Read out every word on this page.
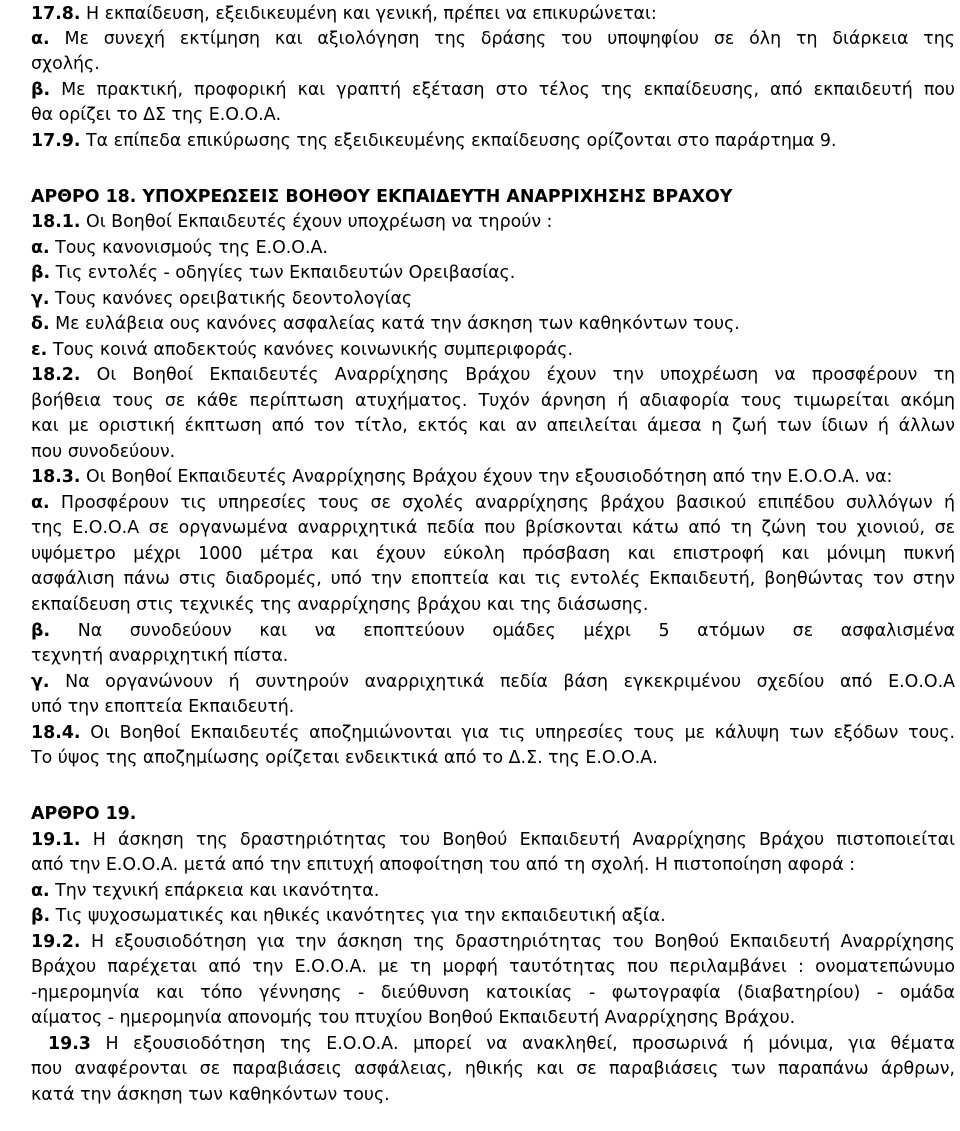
17.8. Η εκπαίδευση, εξειδικευμένη και γενική, πρέπει να επικυρώνεται:
α. Με συνεχή εκτίμηση και αξιολόγηση της δράσης του υποψηφίου σε όλη τη διάρκεια της
σχολής.
β. Με πρακτική, προφορική και γραπτή εξέταση στο τέλος της εκπαίδευσης, από εκπαιδευτή που
θα ορίζει το ΔΣ της Ε.Ο.Ο.Α.
17.9. Τα επίπεδα επικύρωσης της εξειδικευμένης εκπαίδευσης ορίζονται στο παράρτημα 9.
ΑΡΘΡΟ 18. ΥΠΟΧΡΕΩΣΕΙΣ ΒΟΗΘΟΥ ΕΚΠΑΙΔΕΥΤΗ ΑΝΑΡΡΙΧΗΣΗΣ ΒΡΑΧΟΥ
18.1. Οι Βοηθοί Εκπαιδευτές έχουν υποχρέωση να τηρούν :
α. Τους κανονισμούς της Ε.Ο.Ο.Α.
β. Τις εντολές - οδηγίες των Εκπαιδευτών Ορειβασίας.
γ. Τους κανόνες ορειβατικής δεοντολογίας
δ. Με ευλάβεια ους κανόνες ασφαλείας κατά την άσκηση των καθηκόντων τους.
ε. Τους κοινά αποδεκτούς κανόνες κοινωνικής συμπεριφοράς.
18.2. Οι Βοηθοί Εκπαιδευτές Αναρρίχησης Βράχου έχουν την υποχρέωση να προσφέρουν τη
βοήθεια τους σε κάθε περίπτωση ατυχήματος. Τυχόν άρνηση ή αδιαφορία τους τιμωρείται ακόμη
και με οριστική έκπτωση από τον τίτλο, εκτός και αν απειλείται άμεσα η ζωή των ίδιων ή άλλων
που συνοδεύουν.
18.3. Οι Βοηθοί Εκπαιδευτές Αναρρίχησης Βράχου έχουν την εξουσιοδότηση από την Ε.Ο.Ο.Α. να:
α. Προσφέρουν τις υπηρεσίες τους σε σχολές αναρρίχησης βράχου βασικού επιπέδου συλλόγων ή
της Ε.Ο.Ο.Α σε οργανωμένα αναρριχητικά πεδία που βρίσκονται κάτω από τη ζώνη του χιονιού, σε
υψόμετρο μέχρι 1000 μέτρα και έχουν εύκολη πρόσβαση και επιστροφή και μόνιμη πυκνή
ασφάλιση πάνω στις διαδρομές, υπό την εποπτεία και τις εντολές Εκπαιδευτή, βοηθώντας τον στην
εκπαίδευση στις τεχνικές της αναρρίχησης βράχου και της διάσωσης.
β. Να συνοδεύουν και να εποπτεύουν ομάδες μέχρι 5 ατόμων σε ασφαλισμένα
τεχνητή αναρριχητική πίστα.
γ. Να οργανώνουν ή συντηρούν αναρριχητικά πεδία βάση εγκεκριμένου σχεδίου από Ε.Ο.Ο.Α
υπό την εποπτεία Εκπαιδευτή.
18.4. Οι Βοηθοί Εκπαιδευτές αποζημιώνονται για τις υπηρεσίες τους με κάλυψη των εξόδων τους.
Το ύψος της αποζημίωσης ορίζεται ενδεικτικά από το Δ.Σ. της Ε.Ο.Ο.Α.
ΑΡΘΡΟ 19.
19.1. Η άσκηση της δραστηριότητας του Βοηθού Εκπαιδευτή Αναρρίχησης Βράχου πιστοποιείται
από την Ε.Ο.Ο.Α. μετά από την επιτυχή αποφοίτηση του από τη σχολή. Η πιστοποίηση αφορά :
α. Την τεχνική επάρκεια και ικανότητα.
β. Τις ψυχοσωματικές και ηθικές ικανότητες για την εκπαιδευτική αξία.
19.2. Η εξουσιοδότηση για την άσκηση της δραστηριότητας του Βοηθού Εκπαιδευτή Αναρρίχησης
Βράχου παρέχεται από την Ε.Ο.Ο.Α. με τη μορφή ταυτότητας που περιλαμβάνει : ονοματεπώνυμο
-ημερομηνία και τόπο γέννησης - διεύθυνση κατοικίας - φωτογραφία (διαβατηρίου) - ομάδα
αίματος - ημερομηνία απονομής του πτυχίου Βοηθού Εκπαιδευτή Αναρρίχησης Βράχου.
19.3 Η εξουσιοδότηση της Ε.Ο.Ο.Α. μπορεί να ανακληθεί, προσωρινά ή μόνιμα, για θέματα
που αναφέρονται σε παραβιάσεις ασφάλειας, ηθικής και σε παραβιάσεις των παραπάνω άρθρων,
κατά την άσκηση των καθηκόντων τους.
